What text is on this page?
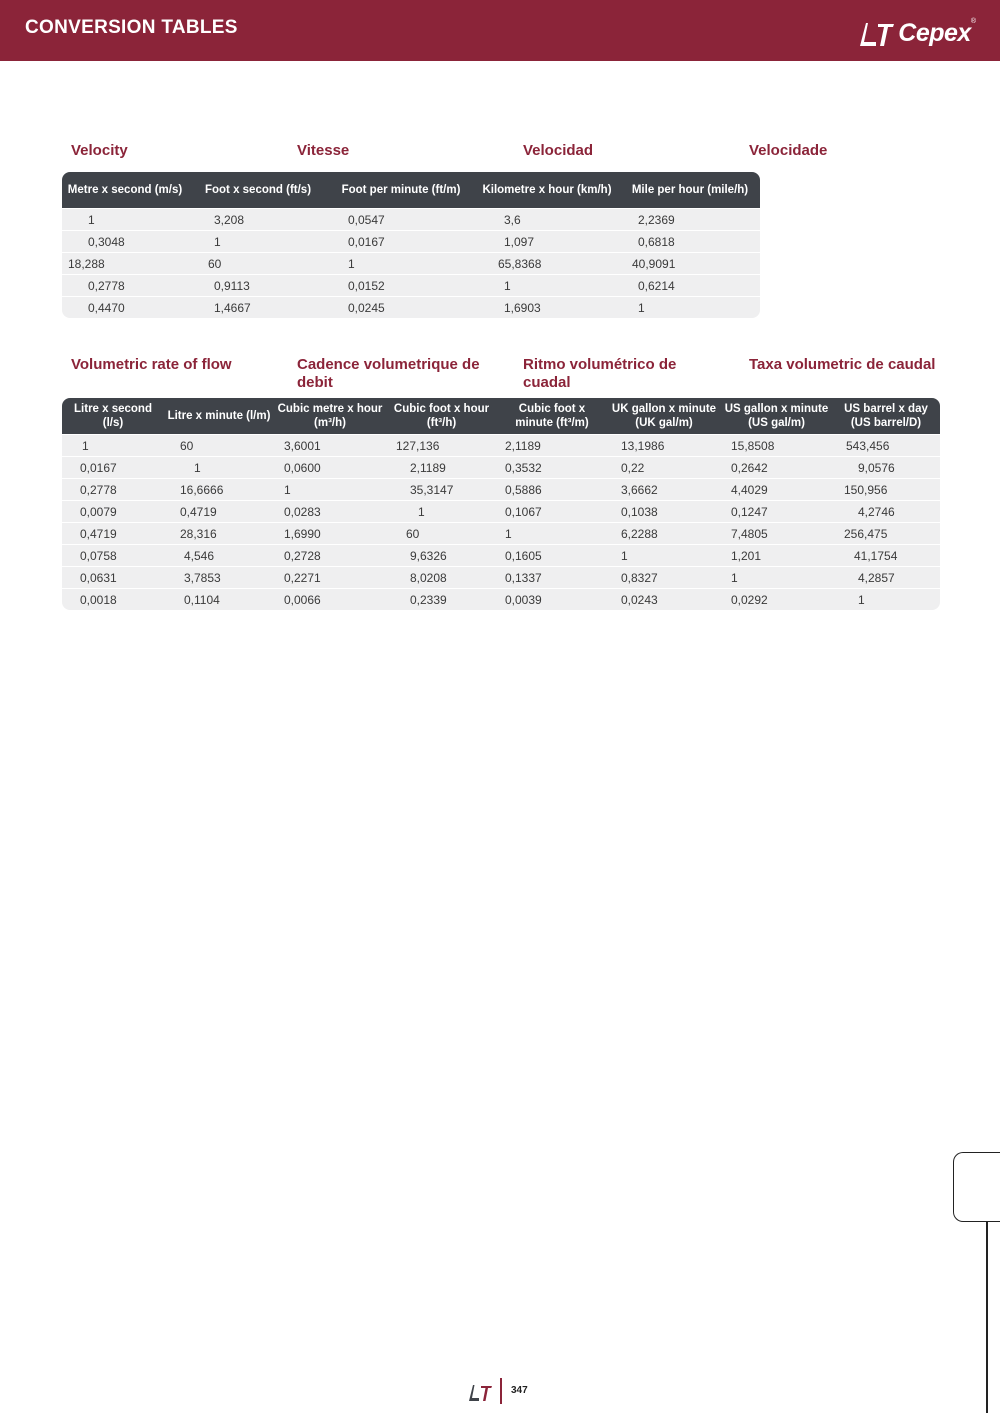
CONVERSION TABLES	Cepex ®
Velocity	Vitesse	Velocidad	Velocidade
Metre x second (m/s)	Foot x second (ft/s)	Foot per minute (ft/m)	Kilometre x hour (km/h)	Mile per hour (mile/h)
1	3,208	0,0547	3,6	2,2369
0,3048	1	0,0167	1,097	0,6818
18,288	60	1	65,8368	40,9091
0,2778	0,9113	0,0152	1	0,6214
0,4470	1,4667	0,0245	1,6903	1
Volumetric rate of flow	Cadence volumetrique de debit
Ritmo volumétrico de cuadal
Taxa volumetric de caudal
Litre x second (l/s)	Litre x minute (l/m)	Cubic metre x hour (m³/h)	Cubic foot x hour (ft³/h)	Cubic foot x minute (ft³/m)	UK gallon x minute (UK gal/m)	US gallon x minute (US gal/m)	US barrel x day (US barrel/D)
1	60	3,6001	127,136	2,1189	13,1986	15,8508	543,456
0,0167	1	0,0600	2,1189	0,3532	0,22	0,2642	9,0576
0,2778	16,6666	1	35,3147	0,5886	3,6662	4,4029	150,956
0,0079	0,4719	0,0283	1	0,1067	0,1038	0,1247	4,2746
0,4719	28,316	1,6990	60	1	6,2288	7,4805	256,475
0,0758	4,546	0,2728	9,6326	0,1605	1	1,201	41,1754
0,0631	3,7853	0,2271	8,0208	0,1337	0,8327	1	4,2857
0,0018	0,1104	0,0066	0,2339	0,0039	0,0243	0,0292	1
347
